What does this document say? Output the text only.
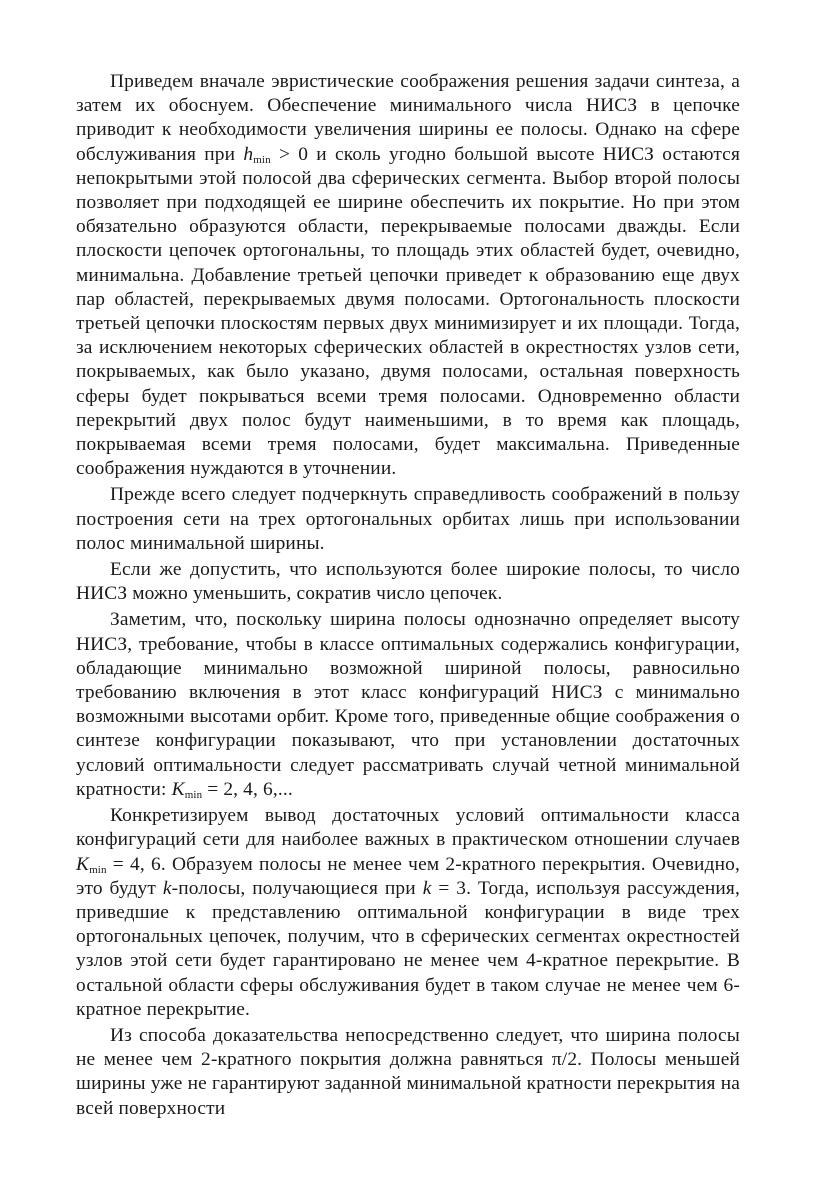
Приведем вначале эвристические соображения решения задачи синтеза, а затем их обоснуем. Обеспечение минимального числа НИСЗ в цепочке приводит к необходимости увеличения ширины ее полосы. Однако на сфере обслуживания при $h_{min} > 0$ и сколь угодно большой высоте НИСЗ остаются непокрытыми этой полосой два сферических сегмента. Выбор второй полосы позволяет при подходящей ее ширине обеспечить их покрытие. Но при этом обязательно образуются области, перекрываемые полосами дважды. Если плоскости цепочек ортогональны, то площадь этих областей будет, очевидно, минимальна. Добавление третьей цепочки приведет к образованию еще двух пар областей, перекрываемых двумя полосами. Ортогональность плоскости третьей цепочки плоскостям первых двух минимизирует и их площади. Тогда, за исключением некоторых сферических областей в окрестностях узлов сети, покрываемых, как было указано, двумя полосами, остальная поверхность сферы будет покрываться всеми тремя полосами. Одновременно области перекрытий двух полос будут наименьшими, в то время как площадь, покрываемая всеми тремя полосами, будет максимальна. Приведенные соображения нуждаются в уточнении.

Прежде всего следует подчеркнуть справедливость соображений в пользу построения сети на трех ортогональных орбитах лишь при использовании полос минимальной ширины.

Если же допустить, что используются более широкие полосы, то число НИСЗ можно уменьшить, сократив число цепочек.

Заметим, что, поскольку ширина полосы однозначно определяет высоту НИСЗ, требование, чтобы в классе оптимальных содержались конфигурации, обладающие минимально возможной шириной полосы, равносильно требованию включения в этот класс конфигураций НИСЗ с минимально возможными высотами орбит. Кроме того, приведенные общие соображения о синтезе конфигурации показывают, что при установлении достаточных условий оптимальности следует рассматривать случай четной минимальной кратности: $K_{min} = 2$, 4, 6,...

Конкретизируем вывод достаточных условий оптимальности класса конфигураций сети для наиболее важных в практическом отношении случаев $K_{min} = 4$, 6. Образуем полосы не менее чем 2-кратного перекрытия. Очевидно, это будут k-полосы, получающиеся при k = 3. Тогда, используя рассуждения, приведшие к представлению оптимальной конфигурации в виде трех ортогональных цепочек, получим, что в сферических сегментах окрестностей узлов этой сети будет гарантировано не менее чем 4-кратное перекрытие. В остальной области сферы обслуживания будет в таком случае не менее чем 6-кратное перекрытие.

Из способа доказательства непосредственно следует, что ширина полосы не менее чем 2-кратного покрытия должна равняться π/2. Полосы меньшей ширины уже не гарантируют заданной минимальной кратности перекрытия на всей поверхности
